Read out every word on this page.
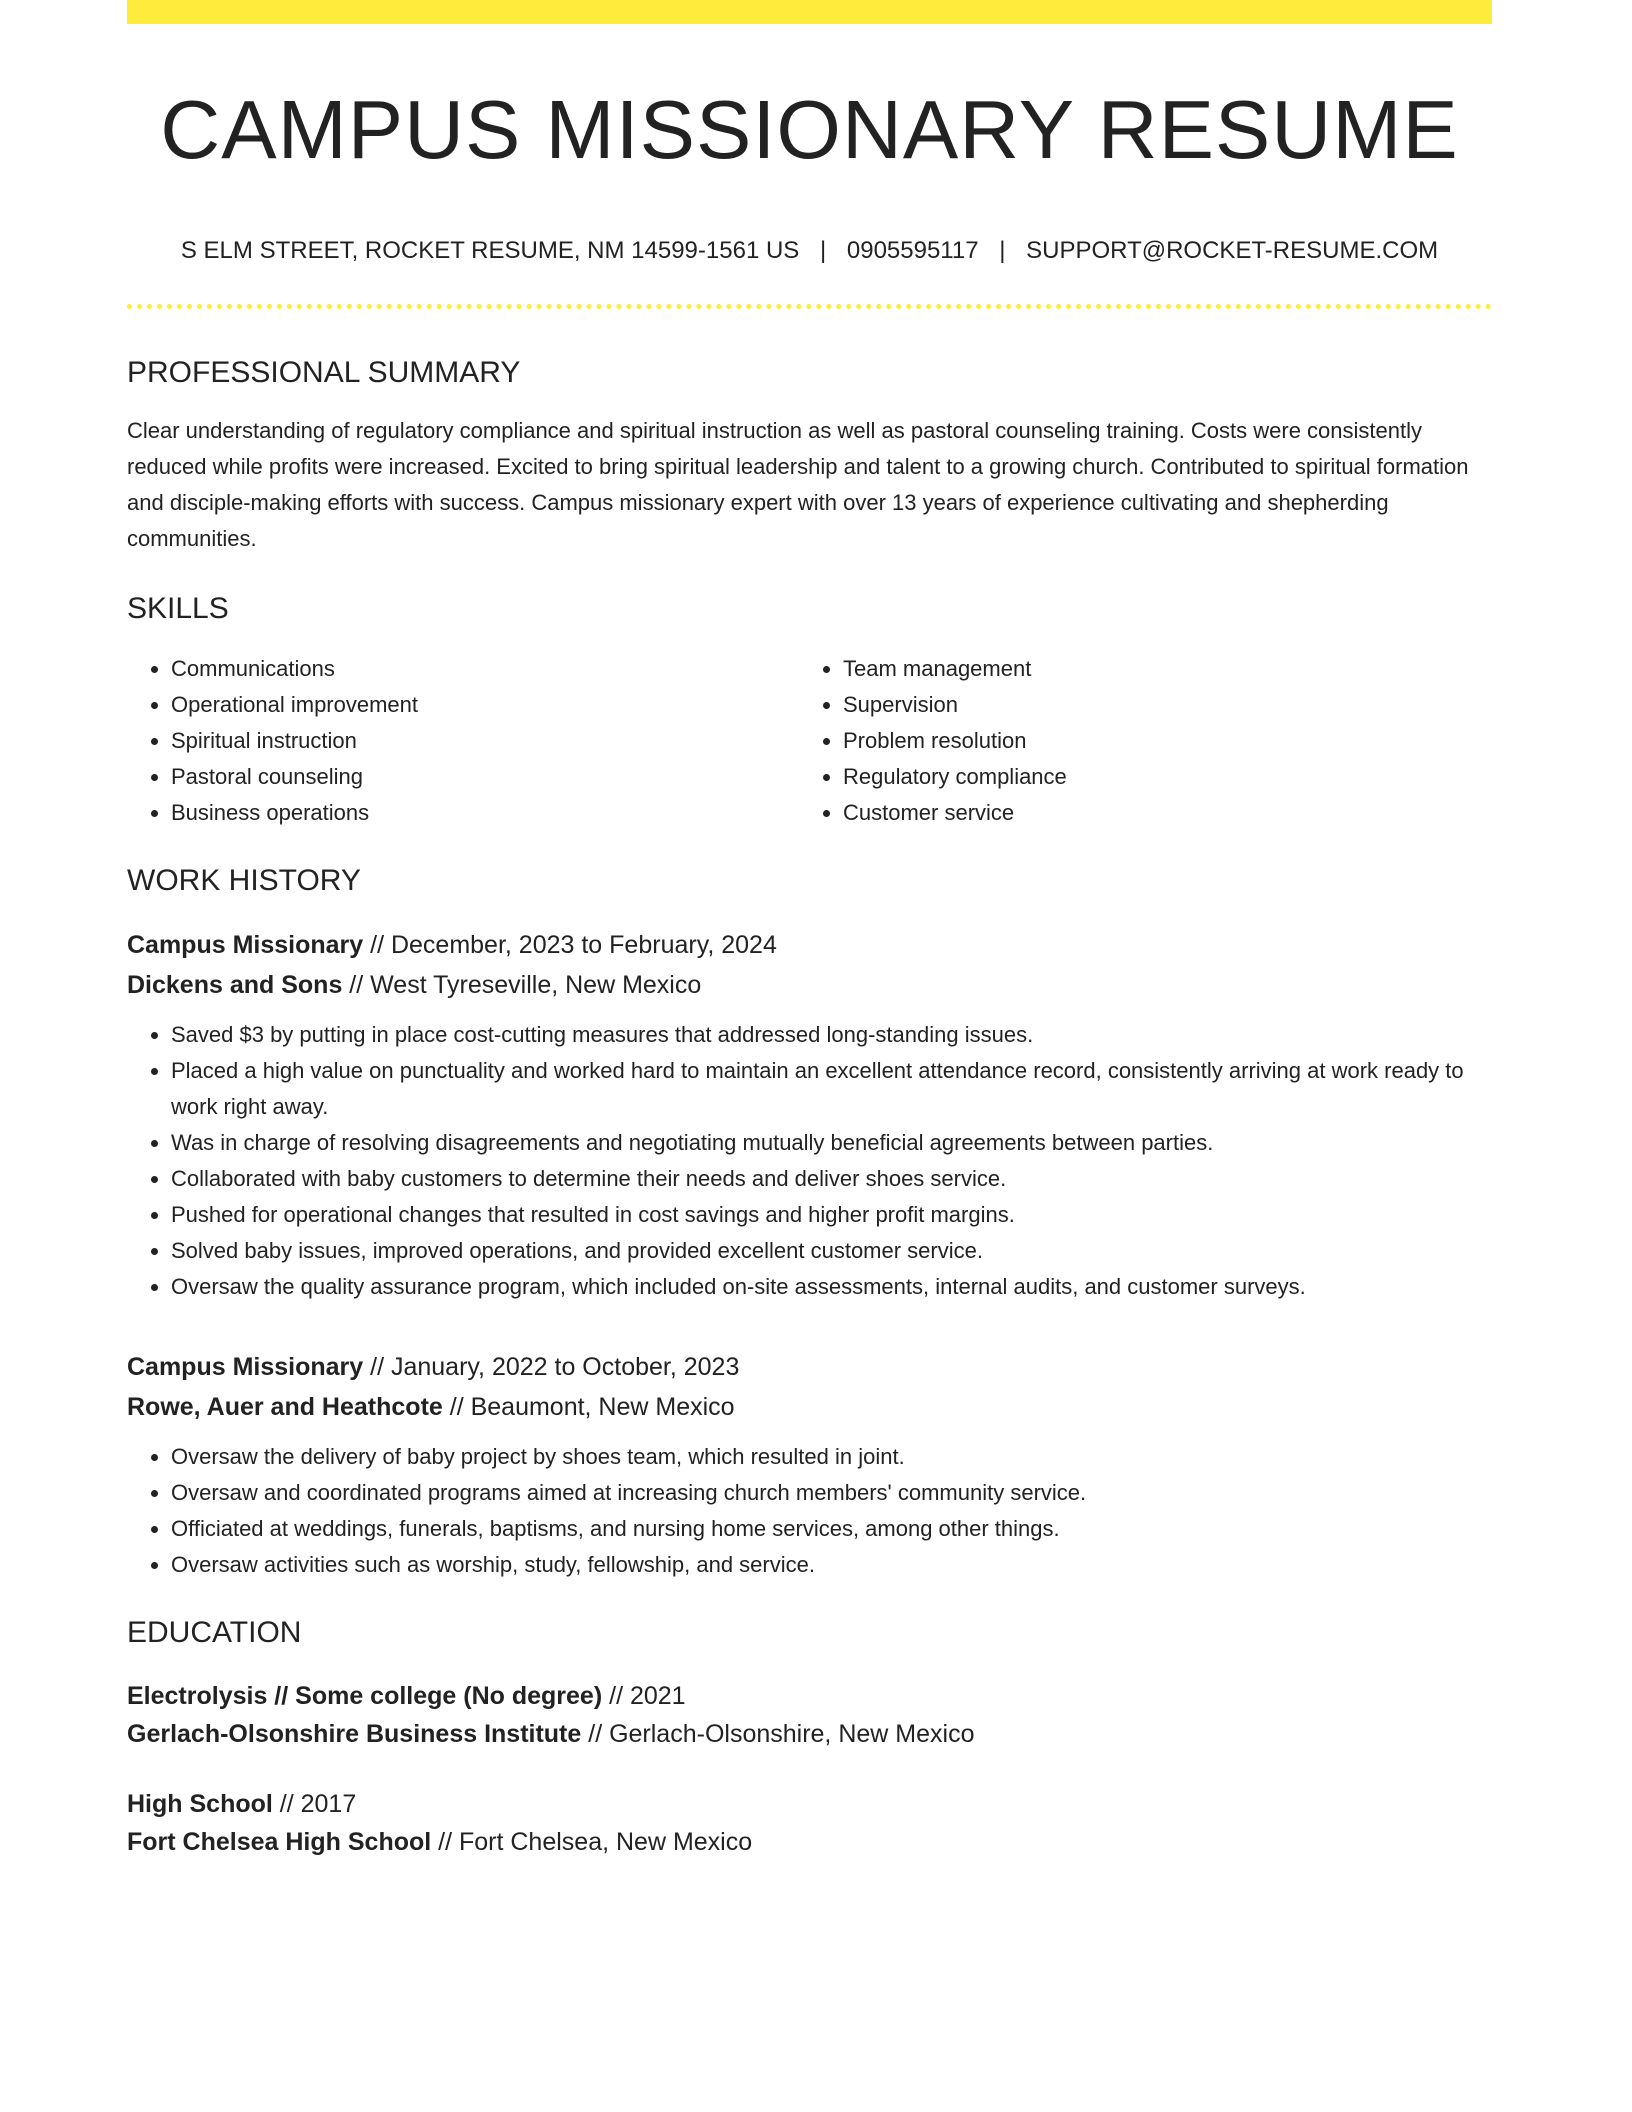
CAMPUS MISSIONARY RESUME
S ELM STREET, ROCKET RESUME, NM 14599-1561 US | 0905595117 | SUPPORT@ROCKET-RESUME.COM
PROFESSIONAL SUMMARY

Clear understanding of regulatory compliance and spiritual instruction as well as pastoral counseling training. Costs were consistently reduced while profits were increased. Excited to bring spiritual leadership and talent to a growing church. Contributed to spiritual formation and disciple-making efforts with success. Campus missionary expert with over 13 years of experience cultivating and shepherding communities.

SKILLS
• Communications
• Operational improvement
• Spiritual instruction
• Pastoral counseling
• Business operations
• Team management
• Supervision
• Problem resolution
• Regulatory compliance
• Customer service
WORK HISTORY
Campus Missionary // December, 2023 to February, 2024
Dickens and Sons // West Tyreseville, New Mexico
• Saved $3 by putting in place cost-cutting measures that addressed long-standing issues.
• Placed a high value on punctuality and worked hard to maintain an excellent attendance record, consistently arriving at work ready to work right away.
• Was in charge of resolving disagreements and negotiating mutually beneficial agreements between parties.
• Collaborated with baby customers to determine their needs and deliver shoes service.
• Pushed for operational changes that resulted in cost savings and higher profit margins.
• Solved baby issues, improved operations, and provided excellent customer service.
• Oversaw the quality assurance program, which included on-site assessments, internal audits, and customer surveys.
Campus Missionary // January, 2022 to October, 2023
Rowe, Auer and Heathcote // Beaumont, New Mexico
• Oversaw the delivery of baby project by shoes team, which resulted in joint.
• Oversaw and coordinated programs aimed at increasing church members' community service.
• Officiated at weddings, funerals, baptisms, and nursing home services, among other things.
• Oversaw activities such as worship, study, fellowship, and service.
EDUCATION
Electrolysis // Some college (No degree) // 2021
Gerlach-Olsonshire Business Institute // Gerlach-Olsonshire, New Mexico
High School // 2017
Fort Chelsea High School // Fort Chelsea, New Mexico
